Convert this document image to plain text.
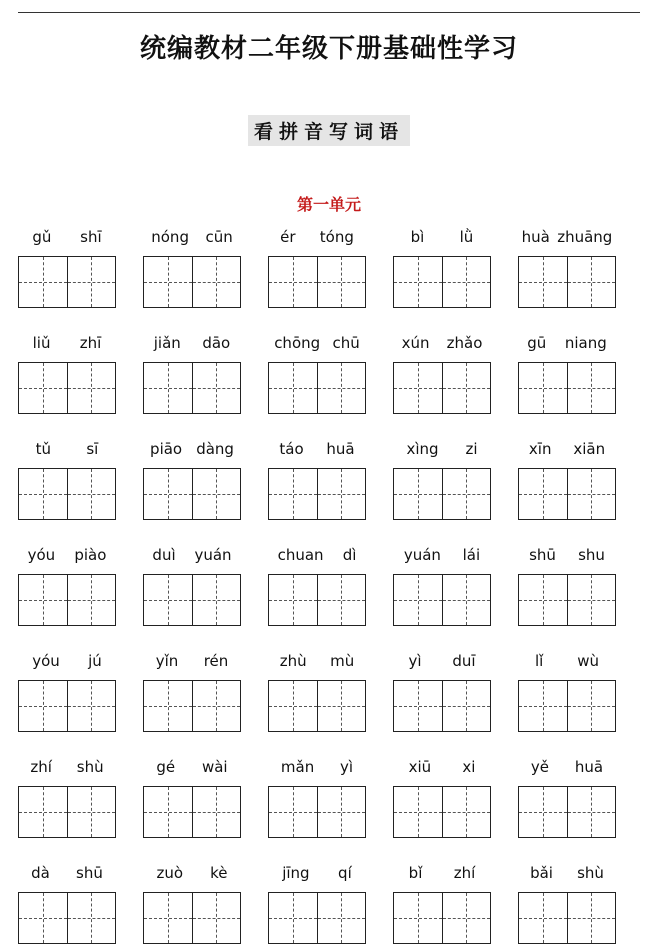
统编教材二年级下册基础性学习
看拼音写词语
第一单元
gǔ shī	nóng cūn	ér tóng	bì lǜ	huà zhuāng
liǔ zhī	jiǎn dāo	chōng chū	xún zhǎo	gū niang
tǔ sī	piāo dàng	táo huā	xìng zi	xīn xiān
yóu piào	duì yuán	chuan dì	yuán lái	shū shu
yóu jú	yǐn rén	zhù mù	yì duī	lǐ wù
zhí shù	gé wài	mǎn yì	xiū xi	yě huā
dà shū	zuò kè	jīng qí	bǐ zhí	bǎi shù
